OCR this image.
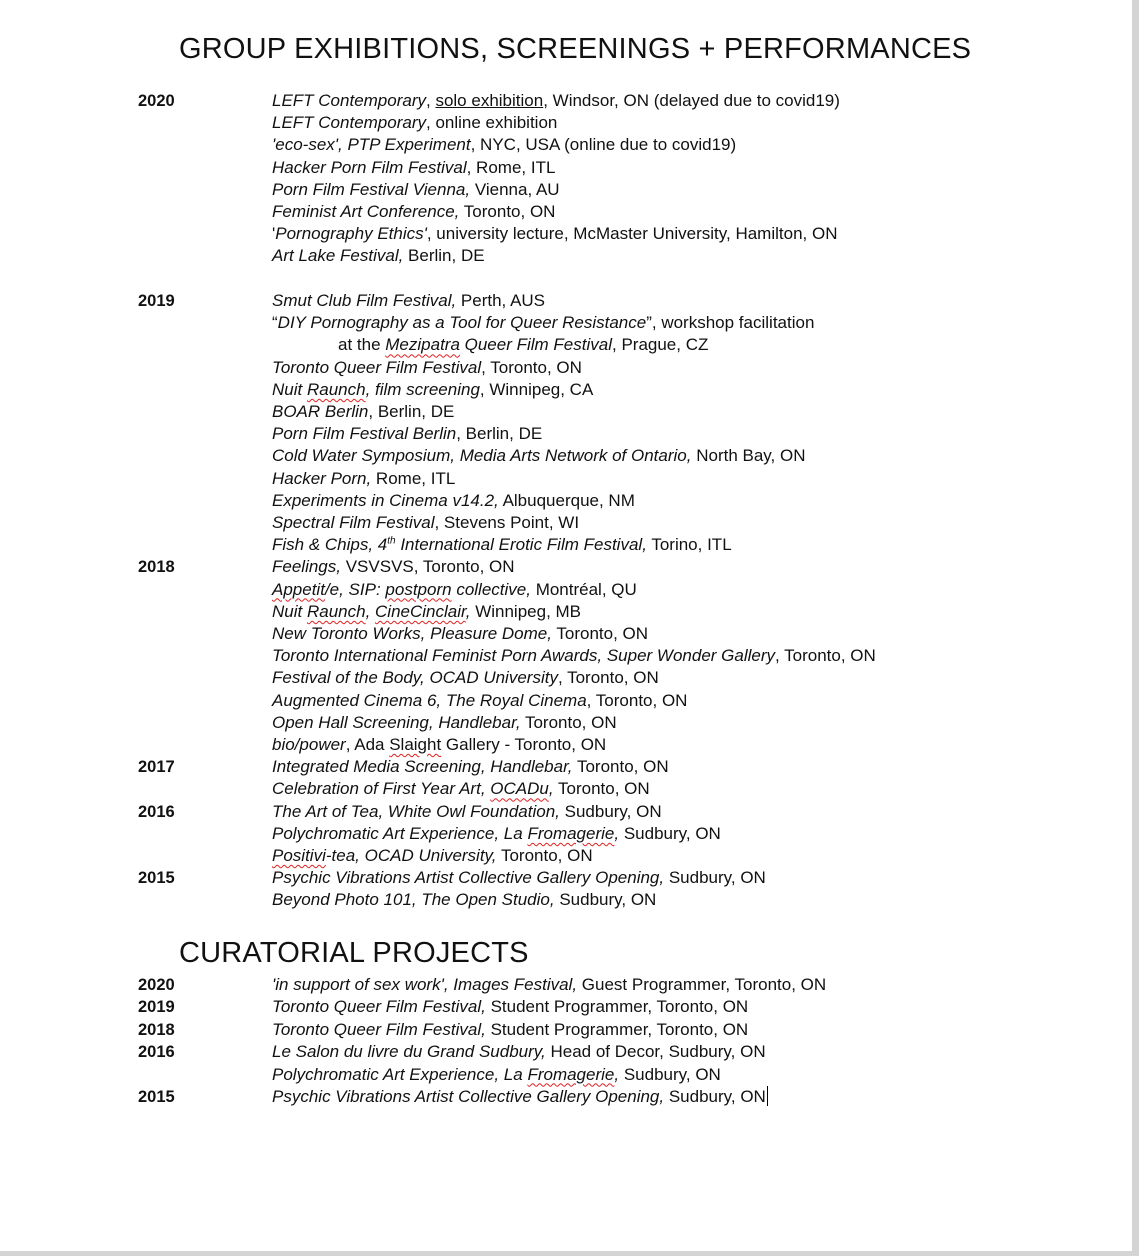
GROUP EXHIBITIONS, SCREENINGS + PERFORMANCES
CURATORIAL PROJECTS
2020	LEFT Contemporary, solo exhibition, Windsor, ON (delayed due to covid19)
LEFT Contemporary, online exhibition
'eco-sex', PTP Experiment, NYC, USA (online due to covid19)
Hacker Porn Film Festival, Rome, ITL
Porn Film Festival Vienna, Vienna, AU
Feminist Art Conference, Toronto, ON
'Pornography Ethics', university lecture, McMaster University, Hamilton, ON
Art Lake Festival, Berlin, DE
2019	Smut Club Film Festival, Perth, AUS
“DIY Pornography as a Tool for Queer Resistance”, workshop facilitation
at the Mezipatra Queer Film Festival, Prague, CZ
Toronto Queer Film Festival, Toronto, ON
Nuit Raunch, film screening, Winnipeg, CA
BOAR Berlin, Berlin, DE
Porn Film Festival Berlin, Berlin, DE
Cold Water Symposium, Media Arts Network of Ontario, North Bay, ON
Hacker Porn, Rome, ITL
Experiments in Cinema v14.2, Albuquerque, NM
Spectral Film Festival, Stevens Point, WI
Fish & Chips, 4th International Erotic Film Festival, Torino, ITL
2018	Feelings, VSVSVS, Toronto, ON
Appetit/e, SIP: postporn collective, Montréal, QU
Nuit Raunch, CineCinclair, Winnipeg, MB
New Toronto Works, Pleasure Dome, Toronto, ON
Toronto International Feminist Porn Awards, Super Wonder Gallery, Toronto, ON
Festival of the Body, OCAD University, Toronto, ON
Augmented Cinema 6, The Royal Cinema, Toronto, ON
Open Hall Screening, Handlebar, Toronto, ON
bio/power, Ada Slaight Gallery - Toronto, ON
2017	Integrated Media Screening, Handlebar, Toronto, ON
Celebration of First Year Art, OCADu, Toronto, ON
2016	The Art of Tea, White Owl Foundation, Sudbury, ON
Polychromatic Art Experience, La Fromagerie, Sudbury, ON
Positivi-tea, OCAD University, Toronto, ON
2015	Psychic Vibrations Artist Collective Gallery Opening, Sudbury, ON
Beyond Photo 101, The Open Studio, Sudbury, ON
2020	'in support of sex work', Images Festival, Guest Programmer, Toronto, ON
2019	Toronto Queer Film Festival, Student Programmer, Toronto, ON
2018	Toronto Queer Film Festival, Student Programmer, Toronto, ON
2016	Le Salon du livre du Grand Sudbury, Head of Decor, Sudbury, ON
Polychromatic Art Experience, La Fromagerie, Sudbury, ON
2015	Psychic Vibrations Artist Collective Gallery Opening, Sudbury, ON
